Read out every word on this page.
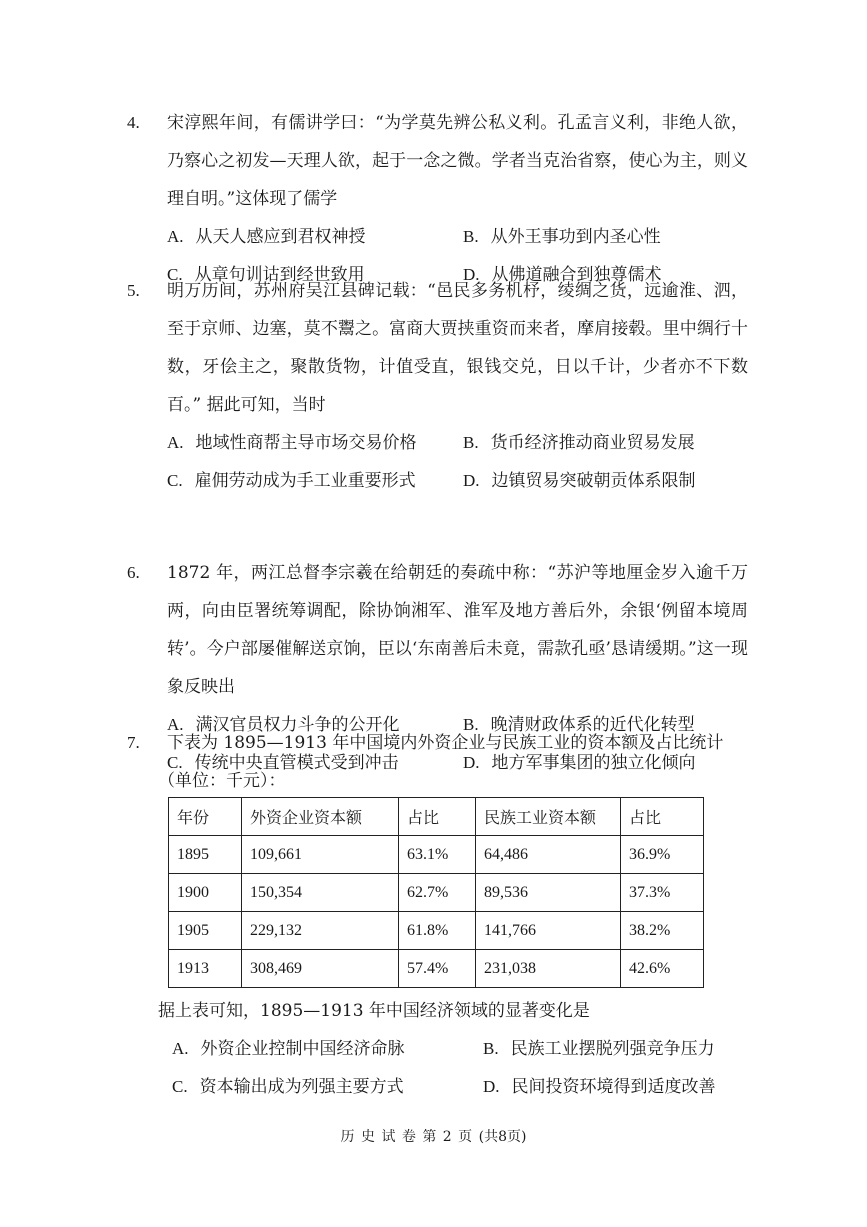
4. 宋淳熙年间，有儒讲学曰：“为学莫先辨公私义利。孔孟言义利，非绝人欲，乃察心之初发—天理人欲，起于一念之微。学者当克治省察，使心为主，则义理自明。”这体现了儒学
A. 从天人感应到君权神授	B. 从外王事功到内圣心性
C. 从章句训诂到经世致用	D. 从佛道融合到独尊儒术
5. 明万历间，苏州府吴江县碑记载：“邑民多务机杼，绫绸之货，远逾淮、泗，至于京师、边塞，莫不鬻之。富商大贾挟重资而来者，摩肩接毂。里中绸行十数，牙侩主之，聚散货物，计值受直，银钱交兑，日以千计，少者亦不下数百。” 据此可知，当时
A. 地域性商帮主导市场交易价格	B. 货币经济推动商业贸易发展
C. 雇佣劳动成为手工业重要形式	D. 边镇贸易突破朝贡体系限制
6. 1872 年，两江总督李宗羲在给朝廷的奏疏中称：“苏沪等地厘金岁入逾千万两，向由臣署统筹调配，除协饷湘军、淮军及地方善后外，余银‘例留本境周转’。今户部屡催解送京饷，臣以‘东南善后未竟，需款孔亟’恳请缓期。”这一现象反映出
A. 满汉官员权力斗争的公开化	B. 晚清财政体系的近代化转型
C. 传统中央直管模式受到冲击	D. 地方军事集团的独立化倾向
7. 下表为 1895—1913 年中国境内外资企业与民族工业的资本额及占比统计
（单位：千元）：
年份	外资企业资本额	占比	民族工业资本额	占比
1895	109,661	63.1%	64,486	36.9%
1900	150,354	62.7%	89,536	37.3%
1905	229,132	61.8%	141,766	38.2%
1913	308,469	57.4%	231,038	42.6%
据上表可知，1895—1913 年中国经济领域的显著变化是
A. 外资企业控制中国经济命脉	B. 民族工业摆脱列强竞争压力
C. 资本输出成为列强主要方式	D. 民间投资环境得到适度改善
历 史 试 卷 第 2 页 (共8页)
